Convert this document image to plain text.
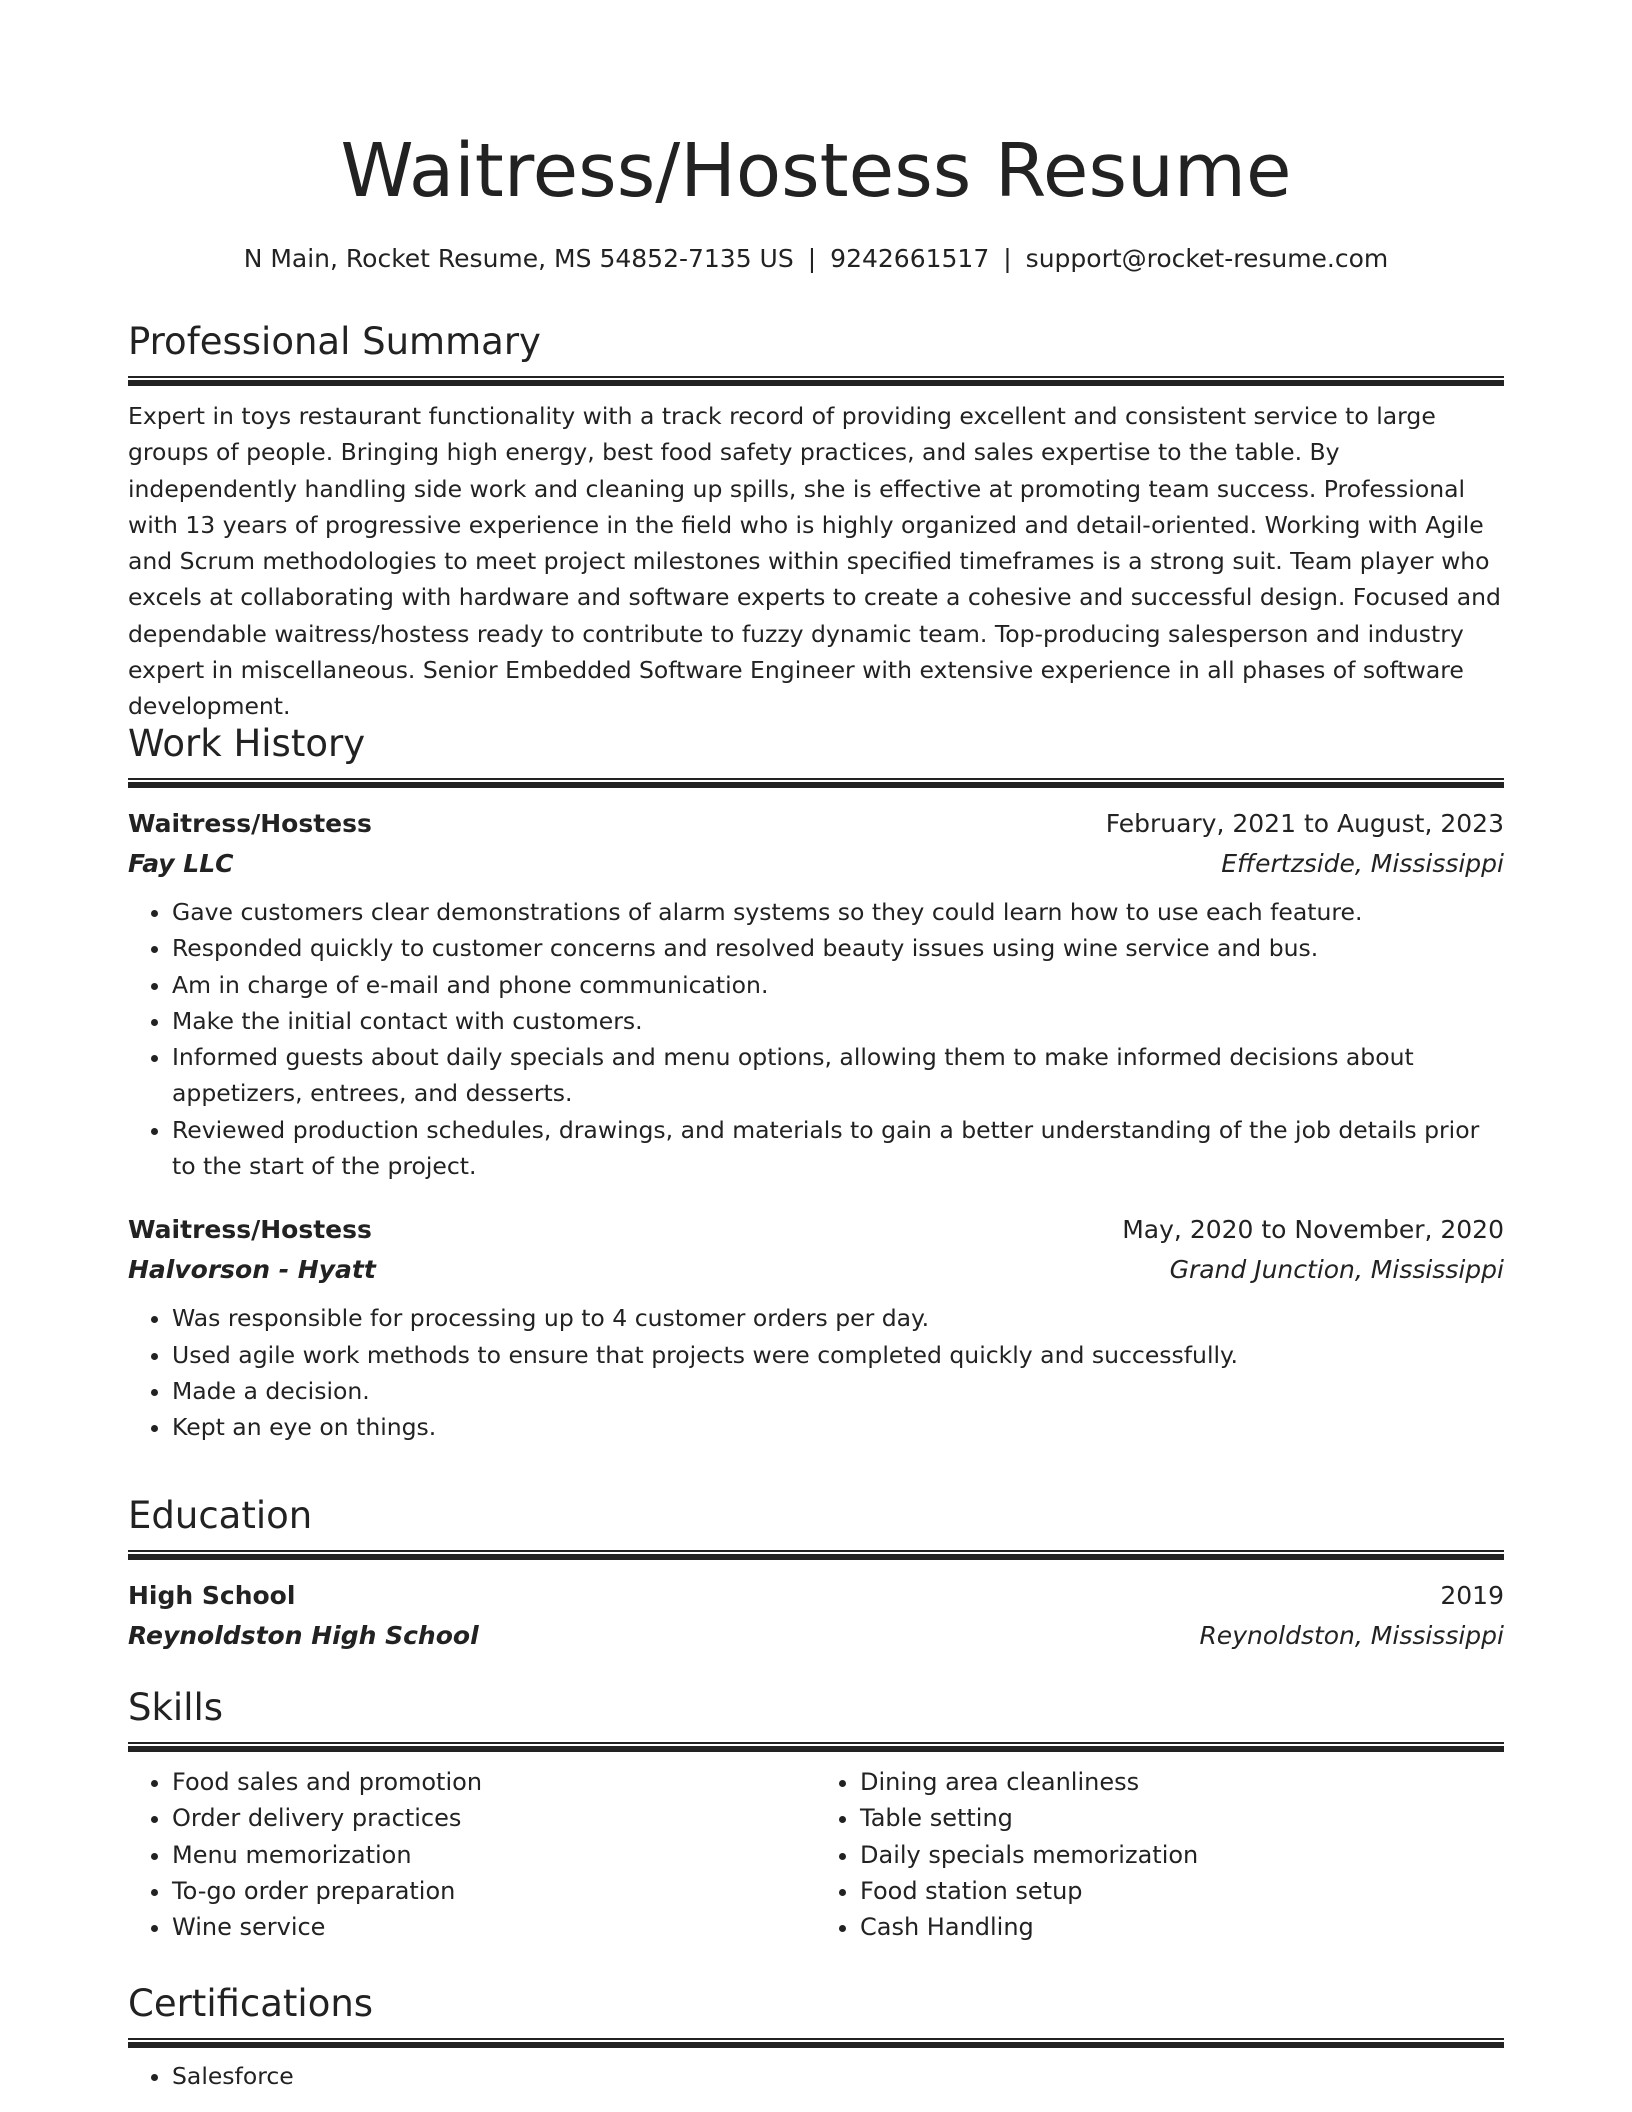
Waitress/Hostess Resume
N Main, Rocket Resume, MS 54852-7135 US | 9242661517 | support@rocket-resume.com
Professional Summary
Expert in toys restaurant functionality with a track record of providing excellent and consistent service to large groups of people. Bringing high energy, best food safety practices, and sales expertise to the table. By independently handling side work and cleaning up spills, she is effective at promoting team success. Professional with 13 years of progressive experience in the field who is highly organized and detail-oriented. Working with Agile and Scrum methodologies to meet project milestones within specified timeframes is a strong suit. Team player who excels at collaborating with hardware and software experts to create a cohesive and successful design. Focused and dependable waitress/hostess ready to contribute to fuzzy dynamic team. Top-producing salesperson and industry expert in miscellaneous. Senior Embedded Software Engineer with extensive experience in all phases of software development.
Work History
Waitress/Hostess	February, 2021 to August, 2023
Fay LLC	Effertzside, Mississippi
• Gave customers clear demonstrations of alarm systems so they could learn how to use each feature.
• Responded quickly to customer concerns and resolved beauty issues using wine service and bus.
• Am in charge of e-mail and phone communication.
• Make the initial contact with customers.
• Informed guests about daily specials and menu options, allowing them to make informed decisions about appetizers, entrees, and desserts.
• Reviewed production schedules, drawings, and materials to gain a better understanding of the job details prior to the start of the project.
Waitress/Hostess	May, 2020 to November, 2020
Halvorson - Hyatt	Grand Junction, Mississippi
• Was responsible for processing up to 4 customer orders per day.
• Used agile work methods to ensure that projects were completed quickly and successfully.
• Made a decision.
• Kept an eye on things.
Education
High School	2019
Reynoldston High School	Reynoldston, Mississippi
Skills
• Food sales and promotion
• Order delivery practices
• Menu memorization
• To-go order preparation
• Wine service
• Dining area cleanliness
• Table setting
• Daily specials memorization
• Food station setup
• Cash Handling
Certifications
• Salesforce
